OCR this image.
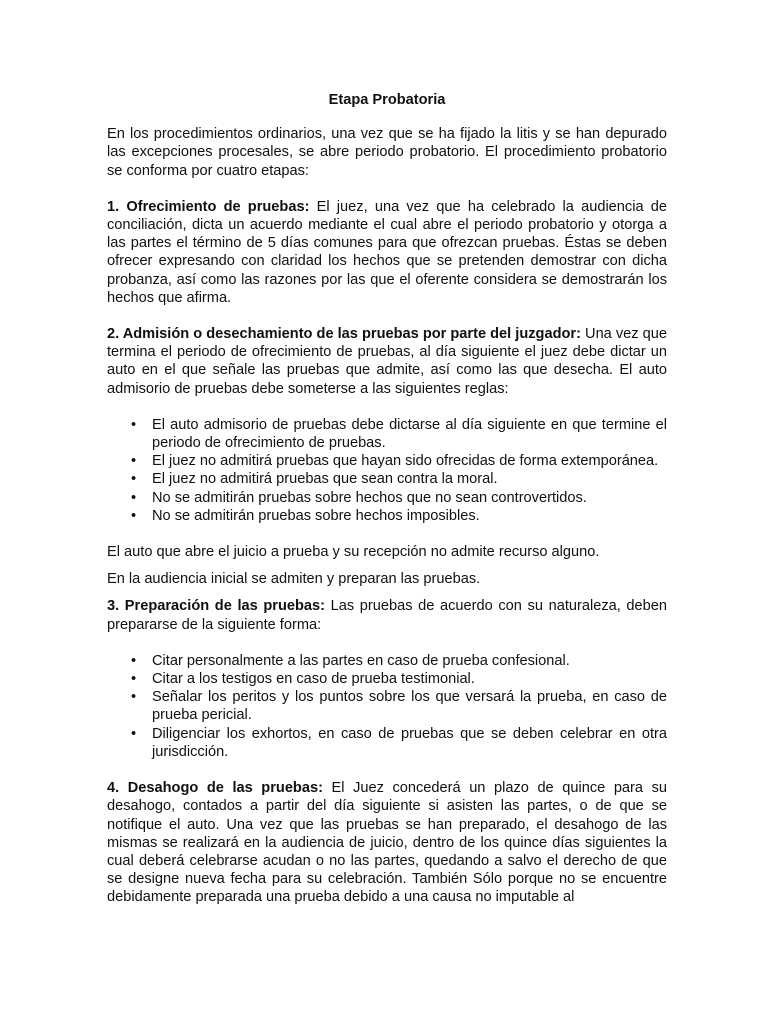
Etapa Probatoria

En los procedimientos ordinarios, una vez que se ha fijado la litis y se han depurado las excepciones procesales, se abre periodo probatorio. El procedimiento probatorio se conforma por cuatro etapas:

1. Ofrecimiento de pruebas: El juez, una vez que ha celebrado la audiencia de conciliación, dicta un acuerdo mediante el cual abre el periodo probatorio y otorga a las partes el término de 5 días comunes para que ofrezcan pruebas. Éstas se deben ofrecer expresando con claridad los hechos que se pretenden demostrar con dicha probanza, así como las razones por las que el oferente considera se demostrarán los hechos que afirma.

2. Admisión o desechamiento de las pruebas por parte del juzgador: Una vez que termina el periodo de ofrecimiento de pruebas, al día siguiente el juez debe dictar un auto en el que señale las pruebas que admite, así como las que desecha. El auto admisorio de pruebas debe someterse a las siguientes reglas:

• El auto admisorio de pruebas debe dictarse al día siguiente en que termine el periodo de ofrecimiento de pruebas.
• El juez no admitirá pruebas que hayan sido ofrecidas de forma extemporánea.
• El juez no admitirá pruebas que sean contra la moral.
• No se admitirán pruebas sobre hechos que no sean controvertidos.
• No se admitirán pruebas sobre hechos imposibles.

El auto que abre el juicio a prueba y su recepción no admite recurso alguno.

En la audiencia inicial se admiten y preparan las pruebas.

3. Preparación de las pruebas: Las pruebas de acuerdo con su naturaleza, deben prepararse de la siguiente forma:

• Citar personalmente a las partes en caso de prueba confesional.
• Citar a los testigos en caso de prueba testimonial.
• Señalar los peritos y los puntos sobre los que versará la prueba, en caso de prueba pericial.
• Diligenciar los exhortos, en caso de pruebas que se deben celebrar en otra jurisdicción.

4. Desahogo de las pruebas: El Juez concederá un plazo de quince para su desahogo, contados a partir del día siguiente si asisten las partes, o de que se notifique el auto. Una vez que las pruebas se han preparado, el desahogo de las mismas se realizará en la audiencia de juicio, dentro de los quince días siguientes la cual deberá celebrarse acudan o no las partes, quedando a salvo el derecho de que se designe nueva fecha para su celebración. También Sólo porque no se encuentre debidamente preparada una prueba debido a una causa no imputable al
